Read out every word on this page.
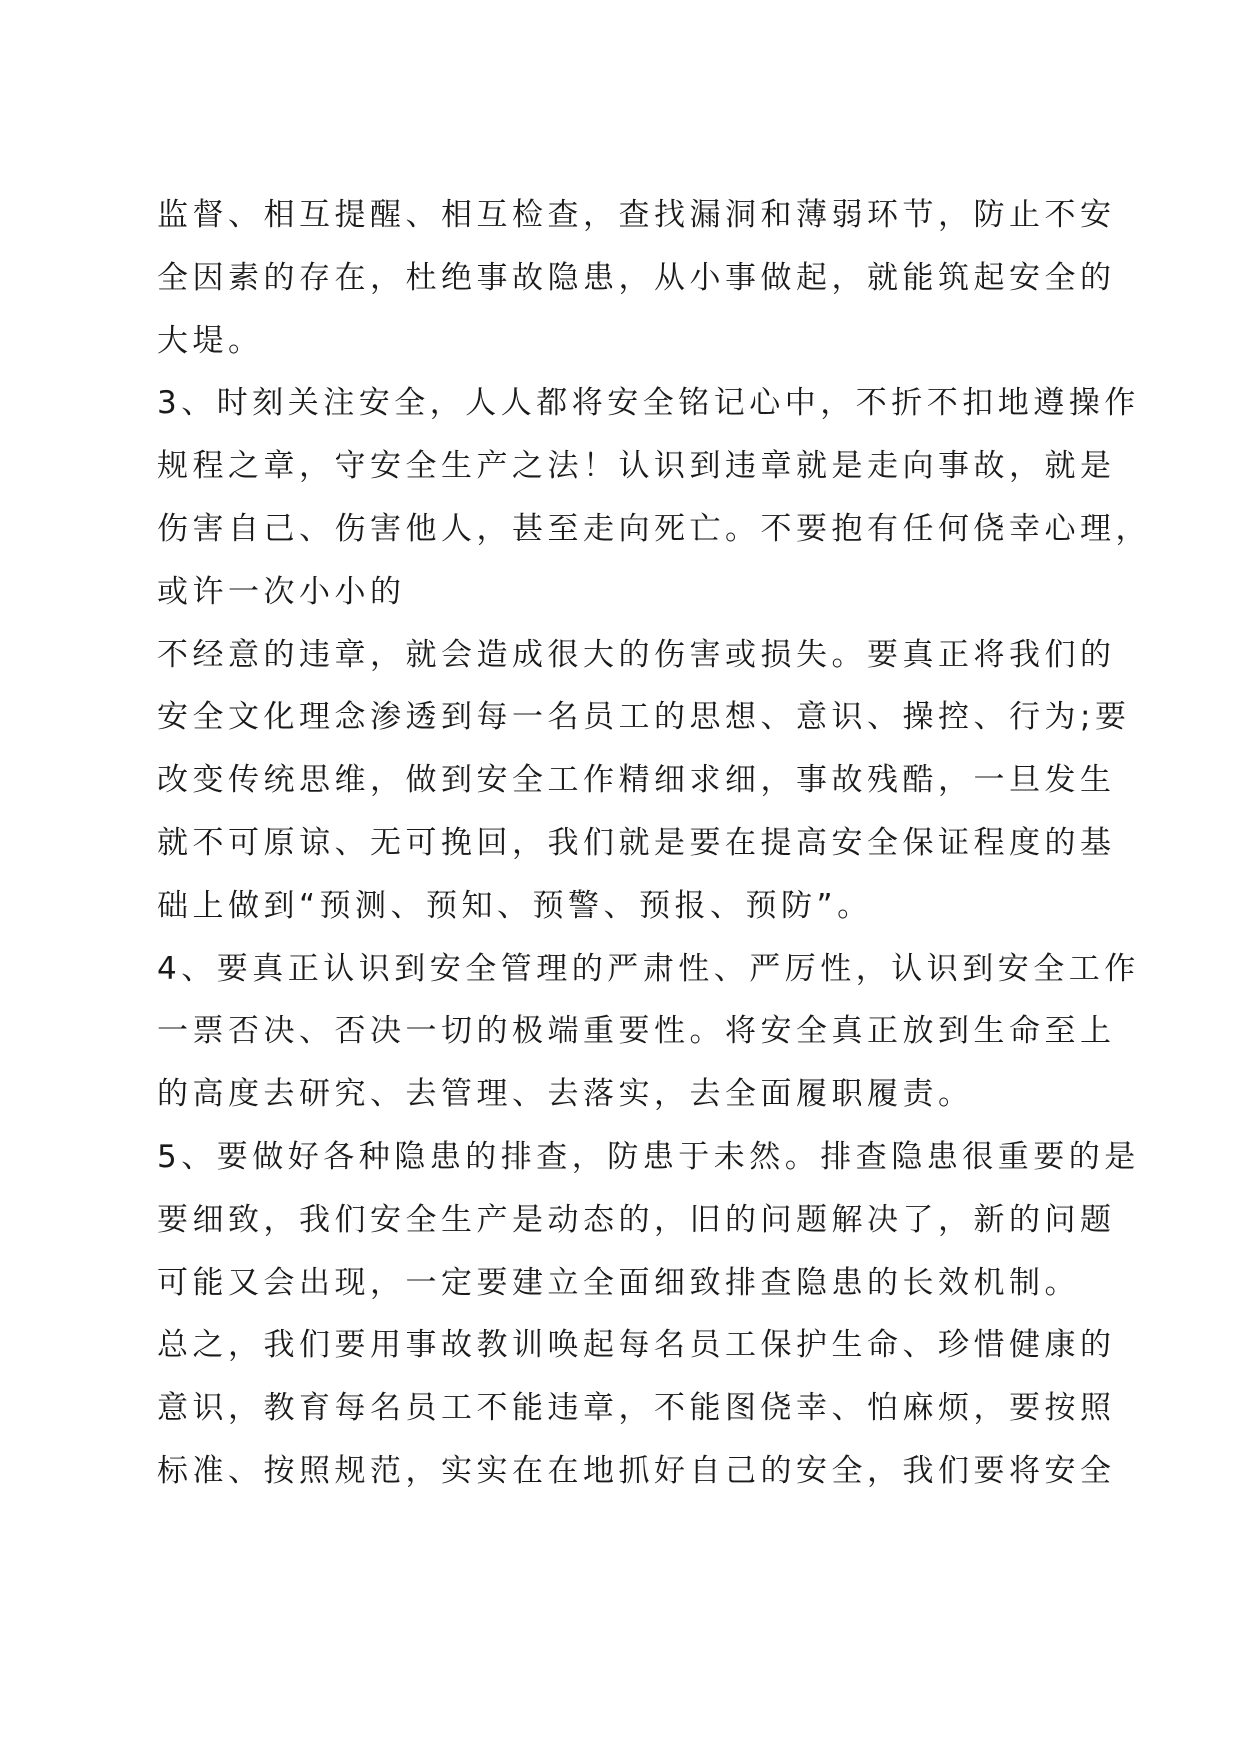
监督、相互提醒、相互检查，查找漏洞和薄弱环节，防止不安
全因素的存在，杜绝事故隐患，从小事做起，就能筑起安全的
大堤。
3、时刻关注安全，人人都将安全铭记心中，不折不扣地遵操作
规程之章，守安全生产之法！认识到违章就是走向事故，就是
伤害自己、伤害他人，甚至走向死亡。不要抱有任何侥幸心理，
或许一次小小的
不经意的违章，就会造成很大的伤害或损失。要真正将我们的
安全文化理念渗透到每一名员工的思想、意识、操控、行为;要
改变传统思维，做到安全工作精细求细，事故残酷，一旦发生
就不可原谅、无可挽回，我们就是要在提高安全保证程度的基
础上做到“预测、预知、预警、预报、预防”。
4、要真正认识到安全管理的严肃性、严厉性，认识到安全工作
一票否决、否决一切的极端重要性。将安全真正放到生命至上
的高度去研究、去管理、去落实，去全面履职履责。
5、要做好各种隐患的排查，防患于未然。排查隐患很重要的是
要细致，我们安全生产是动态的，旧的问题解决了，新的问题
可能又会出现，一定要建立全面细致排查隐患的长效机制。
总之，我们要用事故教训唤起每名员工保护生命、珍惜健康的
意识，教育每名员工不能违章，不能图侥幸、怕麻烦，要按照
标准、按照规范，实实在在地抓好自己的安全，我们要将安全
